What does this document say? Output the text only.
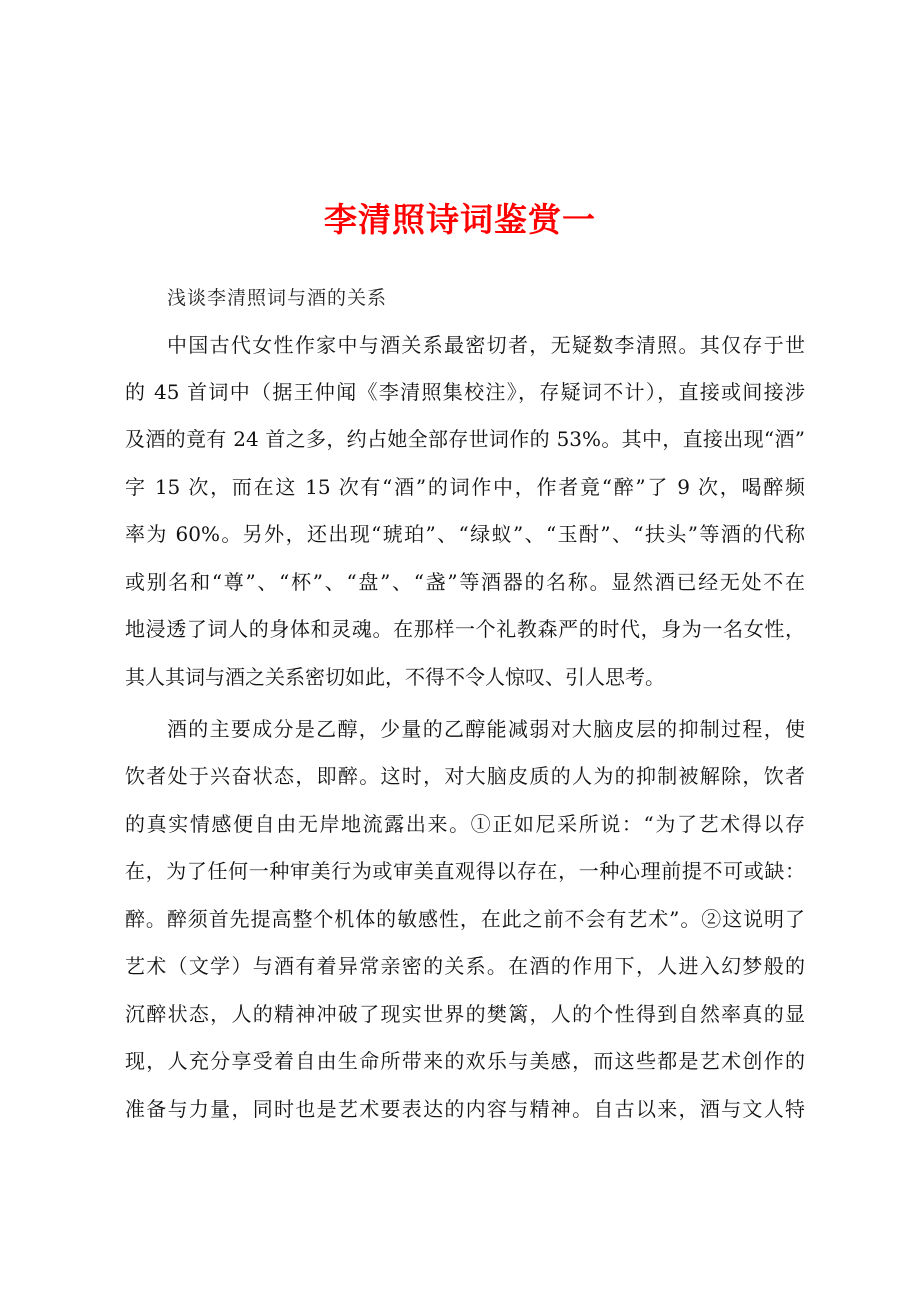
李清照诗词鉴赏一
浅谈李清照词与酒的关系
中国古代女性作家中与酒关系最密切者，无疑数李清照。其仅存于世
的 45 首词中（据王仲闻《李清照集校注》，存疑词不计），直接或间接涉
及酒的竟有 24 首之多，约占她全部存世词作的 53%。其中，直接出现“酒”
字 15 次，而在这 15 次有“酒”的词作中，作者竟“醉”了 9 次，喝醉频
率为 60%。另外，还出现“琥珀”、“绿蚁”、“玉酎”、“扶头”等酒的代称
或别名和“尊”、“杯”、“盘”、“盏”等酒器的名称。显然酒已经无处不在
地浸透了词人的身体和灵魂。在那样一个礼教森严的时代，身为一名女性，
其人其词与酒之关系密切如此，不得不令人惊叹、引人思考。
酒的主要成分是乙醇，少量的乙醇能减弱对大脑皮层的抑制过程，使
饮者处于兴奋状态，即醉。这时，对大脑皮质的人为的抑制被解除，饮者
的真实情感便自由无岸地流露出来。①正如尼采所说：“为了艺术得以存
在，为了任何一种审美行为或审美直观得以存在，一种心理前提不可或缺：
醉。醉须首先提高整个机体的敏感性，在此之前不会有艺术”。②这说明了
艺术（文学）与酒有着异常亲密的关系。在酒的作用下，人进入幻梦般的
沉醉状态，人的精神冲破了现实世界的樊篱，人的个性得到自然率真的显
现，人充分享受着自由生命所带来的欢乐与美感，而这些都是艺术创作的
准备与力量，同时也是艺术要表达的内容与精神。自古以来，酒与文人特
